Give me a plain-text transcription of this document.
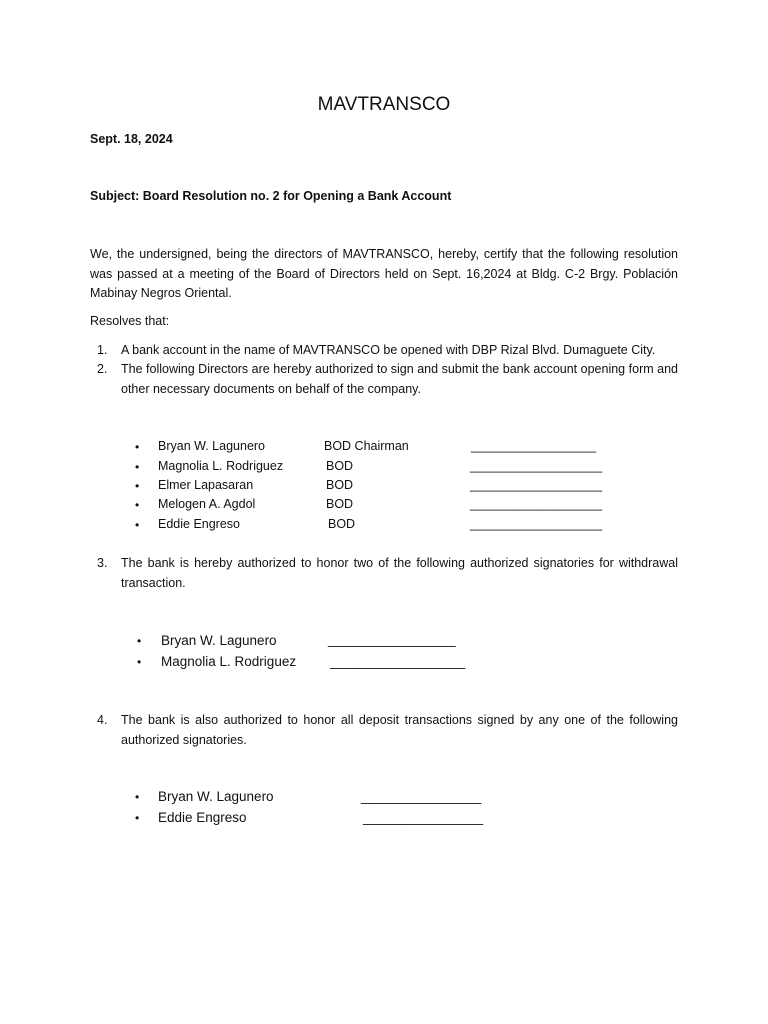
MAVTRANSCO
Sept. 18, 2024
Subject: Board Resolution no. 2 for Opening a Bank Account
We, the undersigned, being the directors of MAVTRANSCO, hereby, certify that the following resolution was passed at a meeting of the Board of Directors held on Sept. 16,2024 at Bldg. C-2 Brgy. Población Mabinay Negros Oriental.
Resolves that:
1. A bank account in the name of MAVTRANSCO be opened with DBP Rizal Blvd. Dumaguete City.
2. The following Directors are hereby authorized to sign and submit the bank account opening form and other necessary documents on behalf of the company.
• Bryan W. Lagunero	BOD Chairman	__________________
• Magnolia L. Rodriguez	BOD	___________________
• Elmer Lapasaran	BOD	___________________
• Melogen A. Agdol	BOD	___________________
• Eddie Engreso	BOD	___________________
3. The bank is hereby authorized to honor two of the following authorized signatories for withdrawal transaction.
• Bryan W. Lagunero	_________________
• Magnolia L. Rodriguez	__________________
4. The bank is also authorized to honor all deposit transactions signed by any one of the following authorized signatories.
• Bryan W. Lagunero	________________
• Eddie Engreso	________________
